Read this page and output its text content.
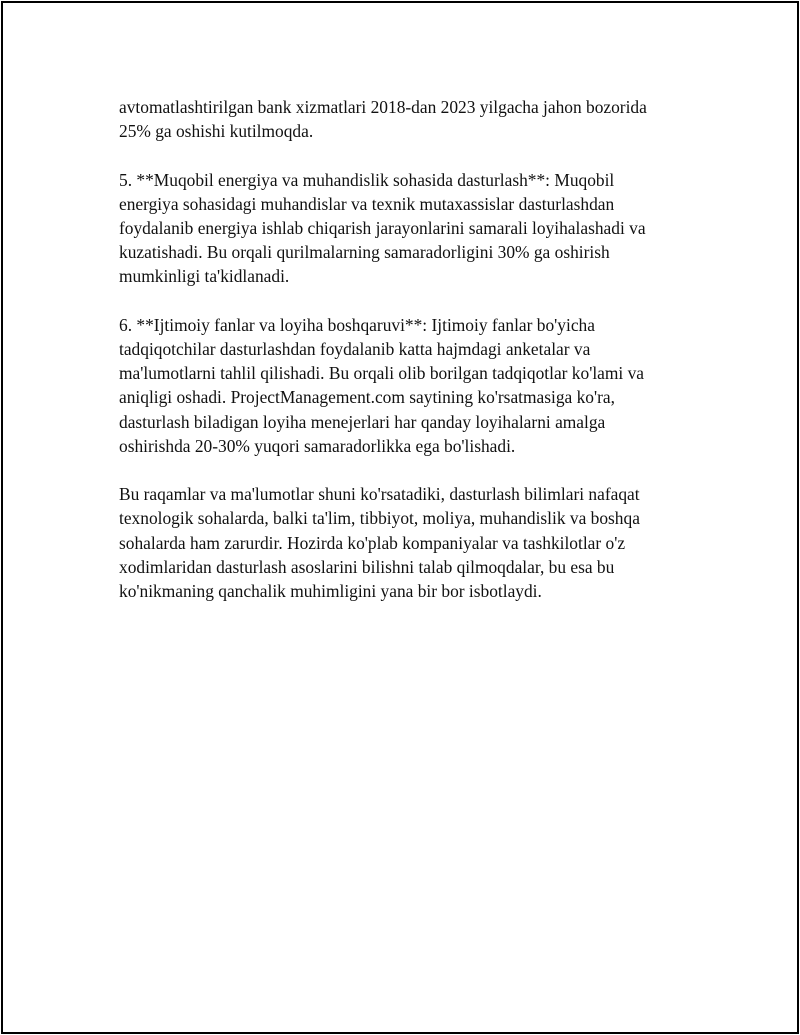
avtomatlashtirilgan bank xizmatlari 2018-dan 2023 yilgacha jahon bozorida
25% ga oshishi kutilmoqda.

5. **Muqobil energiya va muhandislik sohasida dasturlash**: Muqobil
energiya sohasidagi muhandislar va texnik mutaxassislar dasturlashdan
foydalanib energiya ishlab chiqarish jarayonlarini samarali loyihalashadi va
kuzatishadi. Bu orqali qurilmalarning samaradorligini 30% ga oshirish
mumkinligi ta'kidlanadi.

6. **Ijtimoiy fanlar va loyiha boshqaruvi**: Ijtimoiy fanlar bo'yicha
tadqiqotchilar dasturlashdan foydalanib katta hajmdagi anketalar va
ma'lumotlarni tahlil qilishadi. Bu orqali olib borilgan tadqiqotlar ko'lami va
aniqligi oshadi. ProjectManagement.com saytining ko'rsatmasiga ko'ra,
dasturlash biladigan loyiha menejerlari har qanday loyihalarni amalga
oshirishda 20-30% yuqori samaradorlikka ega bo'lishadi.

Bu raqamlar va ma'lumotlar shuni ko'rsatadiki, dasturlash bilimlari nafaqat
texnologik sohalarda, balki ta'lim, tibbiyot, moliya, muhandislik va boshqa
sohalarda ham zarurdir. Hozirda ko'plab kompaniyalar va tashkilotlar o'z
xodimlaridan dasturlash asoslarini bilishni talab qilmoqdalar, bu esa bu
ko'nikmaning qanchalik muhimligini yana bir bor isbotlaydi.
